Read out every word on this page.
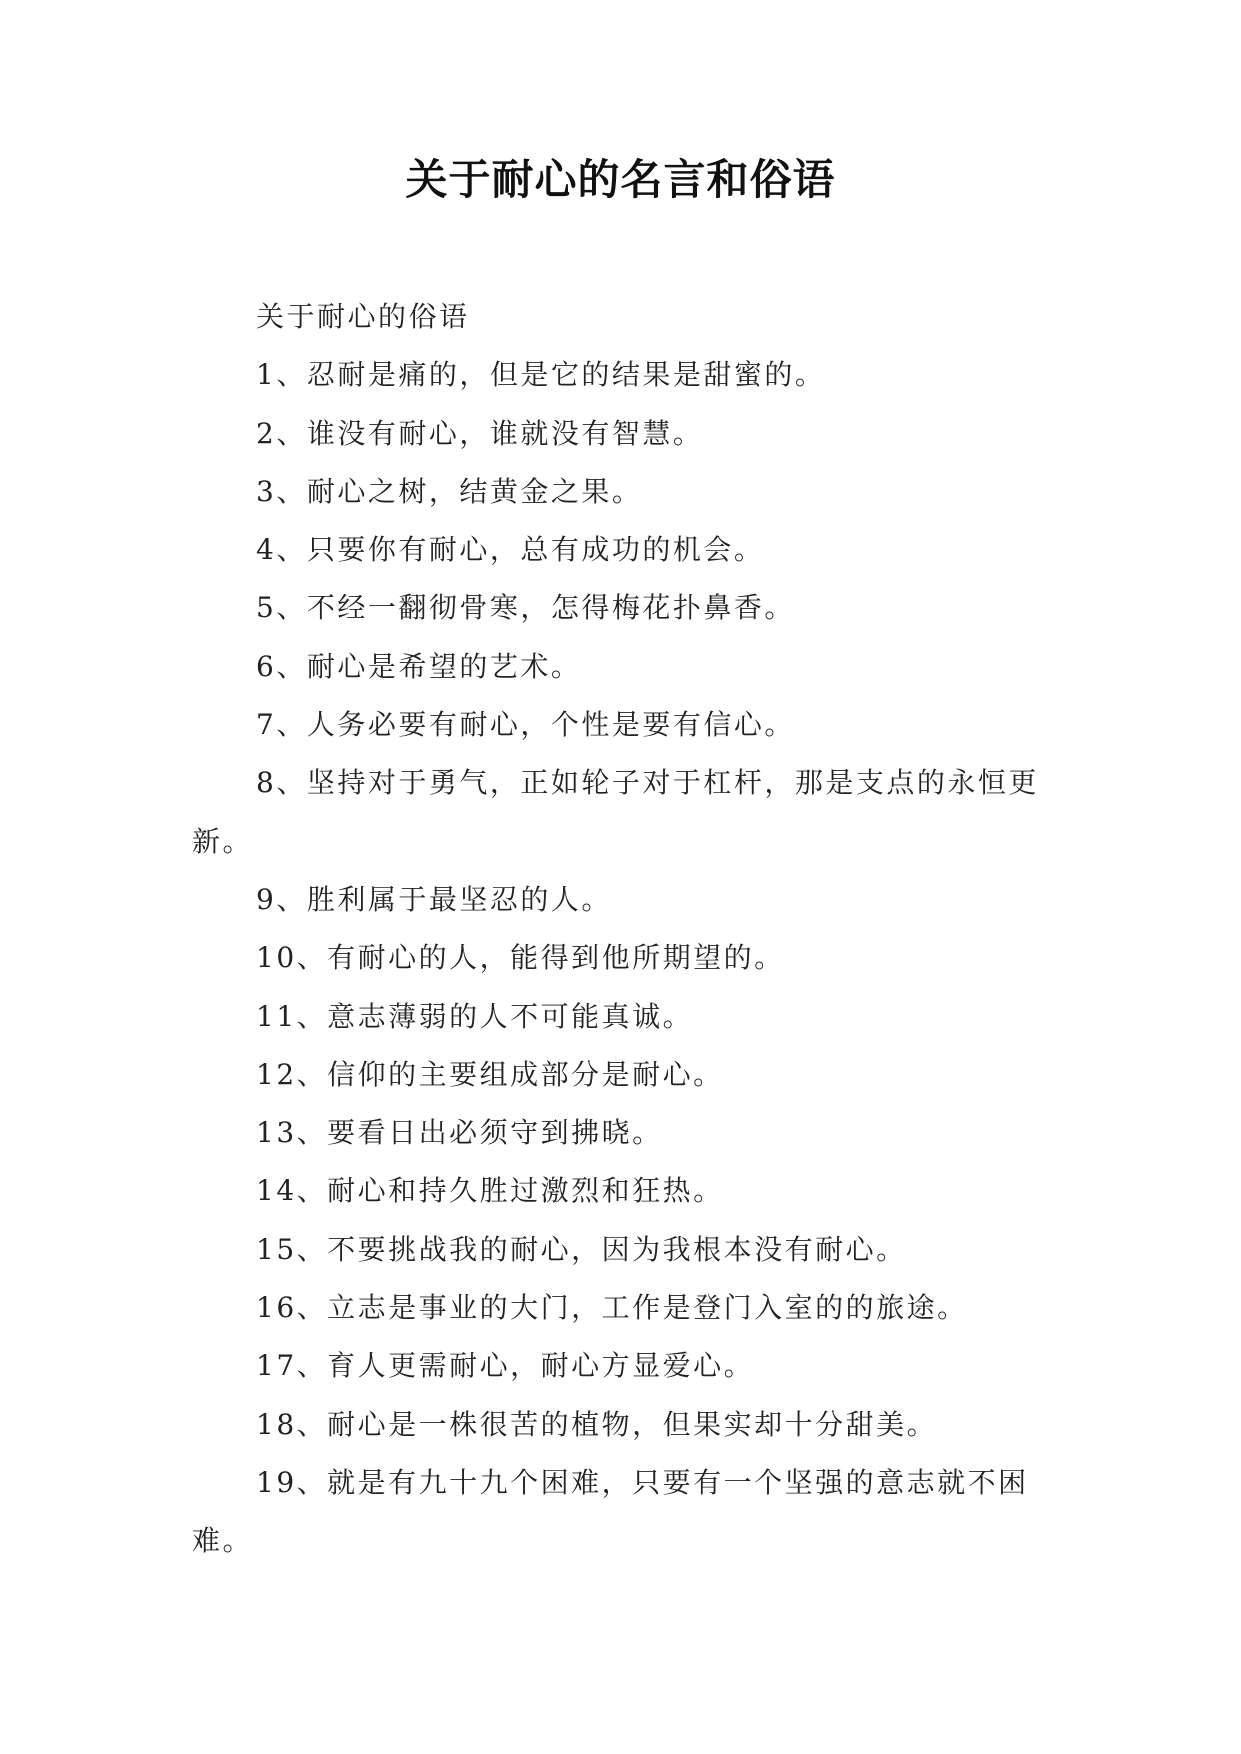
关于耐心的名言和俗语

关于耐心的俗语

1、忍耐是痛的，但是它的结果是甜蜜的。

2、谁没有耐心，谁就没有智慧。

3、耐心之树，结黄金之果。

4、只要你有耐心，总有成功的机会。

5、不经一翻彻骨寒，怎得梅花扑鼻香。

6、耐心是希望的艺术。

7、人务必要有耐心，个性是要有信心。

8、坚持对于勇气，正如轮子对于杠杆，那是支点的永恒更新。

9、胜利属于最坚忍的人。

10、有耐心的人，能得到他所期望的。

11、意志薄弱的人不可能真诚。

12、信仰的主要组成部分是耐心。

13、要看日出必须守到拂晓。

14、耐心和持久胜过激烈和狂热。

15、不要挑战我的耐心，因为我根本没有耐心。

16、立志是事业的大门，工作是登门入室的的旅途。

17、育人更需耐心，耐心方显爱心。

18、耐心是一株很苦的植物，但果实却十分甜美。

19、就是有九十九个困难，只要有一个坚强的意志就不困难。
